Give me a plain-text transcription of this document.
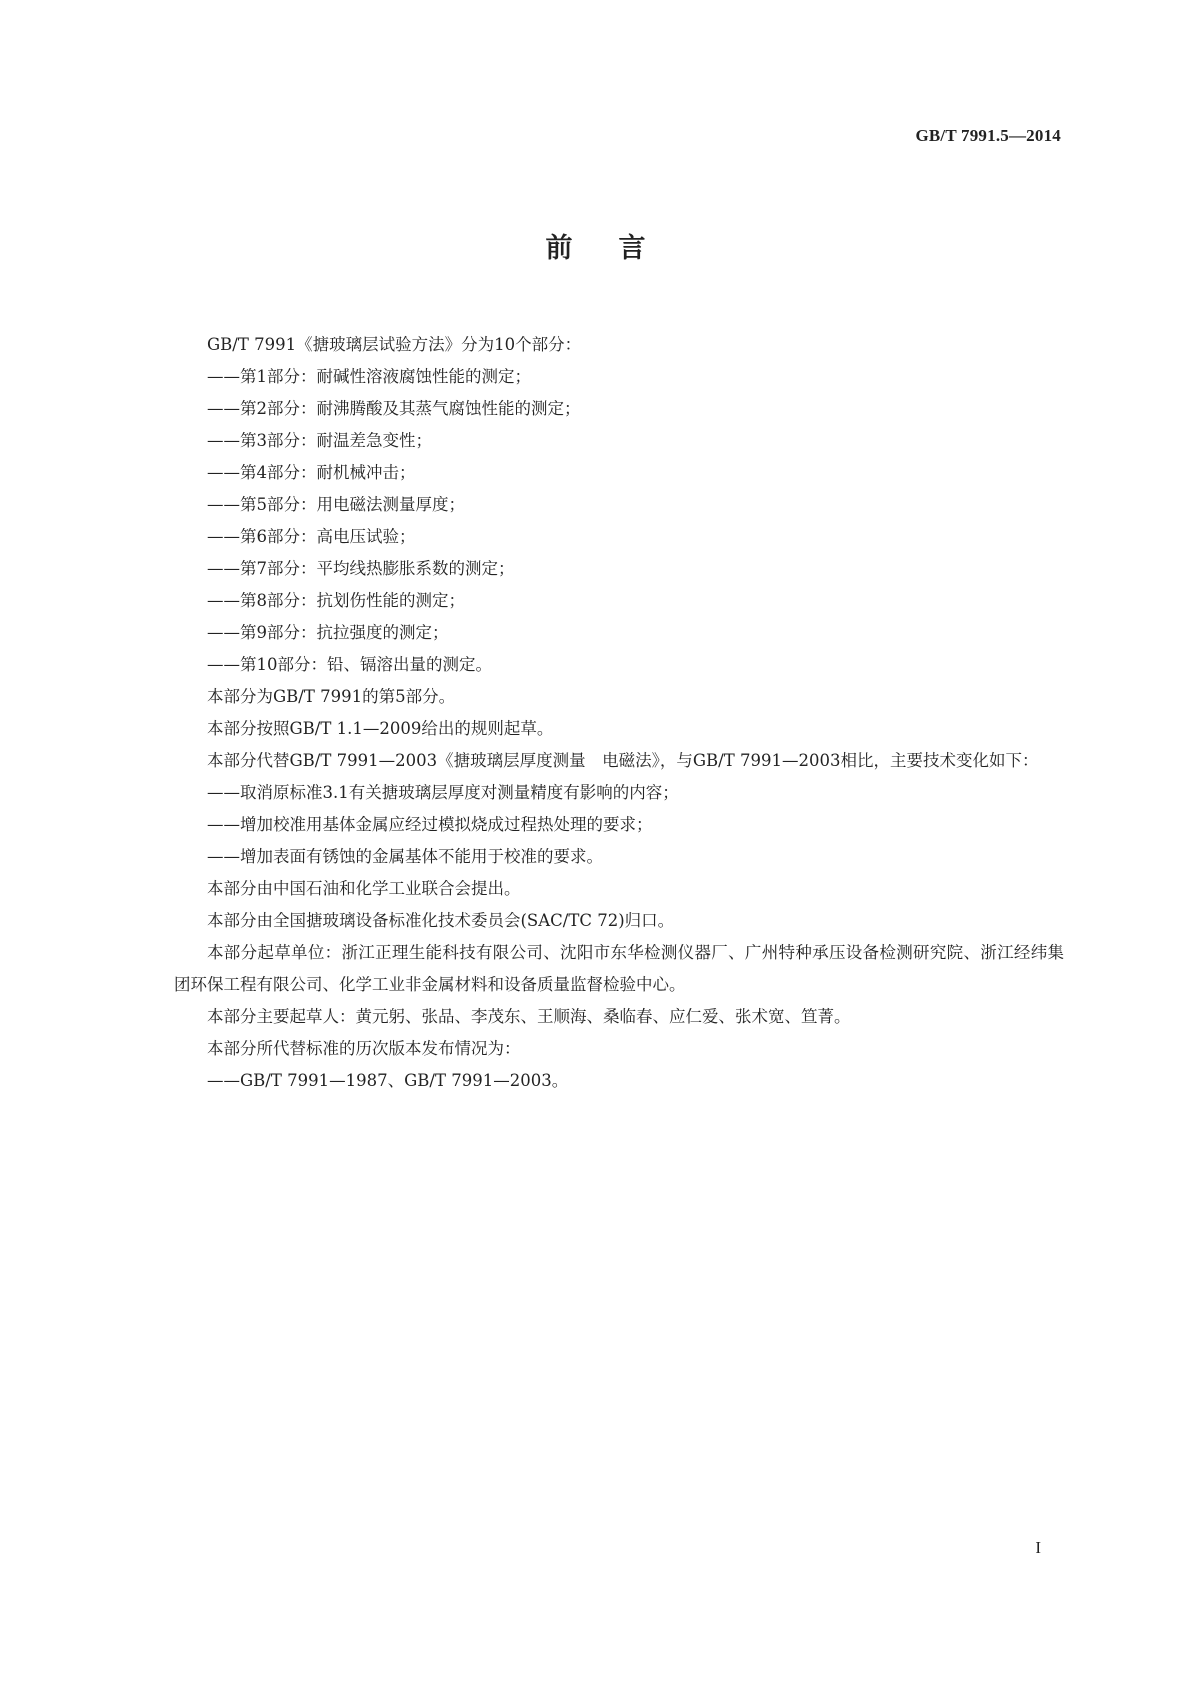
GB/T 7991.5—2014
前言

GB/T 7991《搪玻璃层试验方法》分为10个部分：

——第1部分：耐碱性溶液腐蚀性能的测定；

——第2部分：耐沸腾酸及其蒸气腐蚀性能的测定；

——第3部分：耐温差急变性；

——第4部分：耐机械冲击；

——第5部分：用电磁法测量厚度；

——第6部分：高电压试验；

——第7部分：平均线热膨胀系数的测定；

——第8部分：抗划伤性能的测定；

——第9部分：抗拉强度的测定；

——第10部分：铅、镉溶出量的测定。

本部分为GB/T 7991的第5部分。

本部分按照GB/T 1.1—2009给出的规则起草。

本部分代替GB/T 7991—2003《搪玻璃层厚度测量　电磁法》，与GB/T 7991—2003相比，主要技术变化如下：

——取消原标准3.1有关搪玻璃层厚度对测量精度有影响的内容；

——增加校准用基体金属应经过模拟烧成过程热处理的要求；

——增加表面有锈蚀的金属基体不能用于校准的要求。

本部分由中国石油和化学工业联合会提出。

本部分由全国搪玻璃设备标准化技术委员会(SAC/TC 72)归口。

本部分起草单位：浙江正理生能科技有限公司、沈阳市东华检测仪器厂、广州特种承压设备检测研究院、浙江经纬集团环保工程有限公司、化学工业非金属材料和设备质量监督检验中心。

本部分主要起草人：黄元躬、张品、李茂东、王顺海、桑临春、应仁爱、张术宽、笪菁。

本部分所代替标准的历次版本发布情况为：

——GB/T 7991—1987、GB/T 7991—2003。

I
